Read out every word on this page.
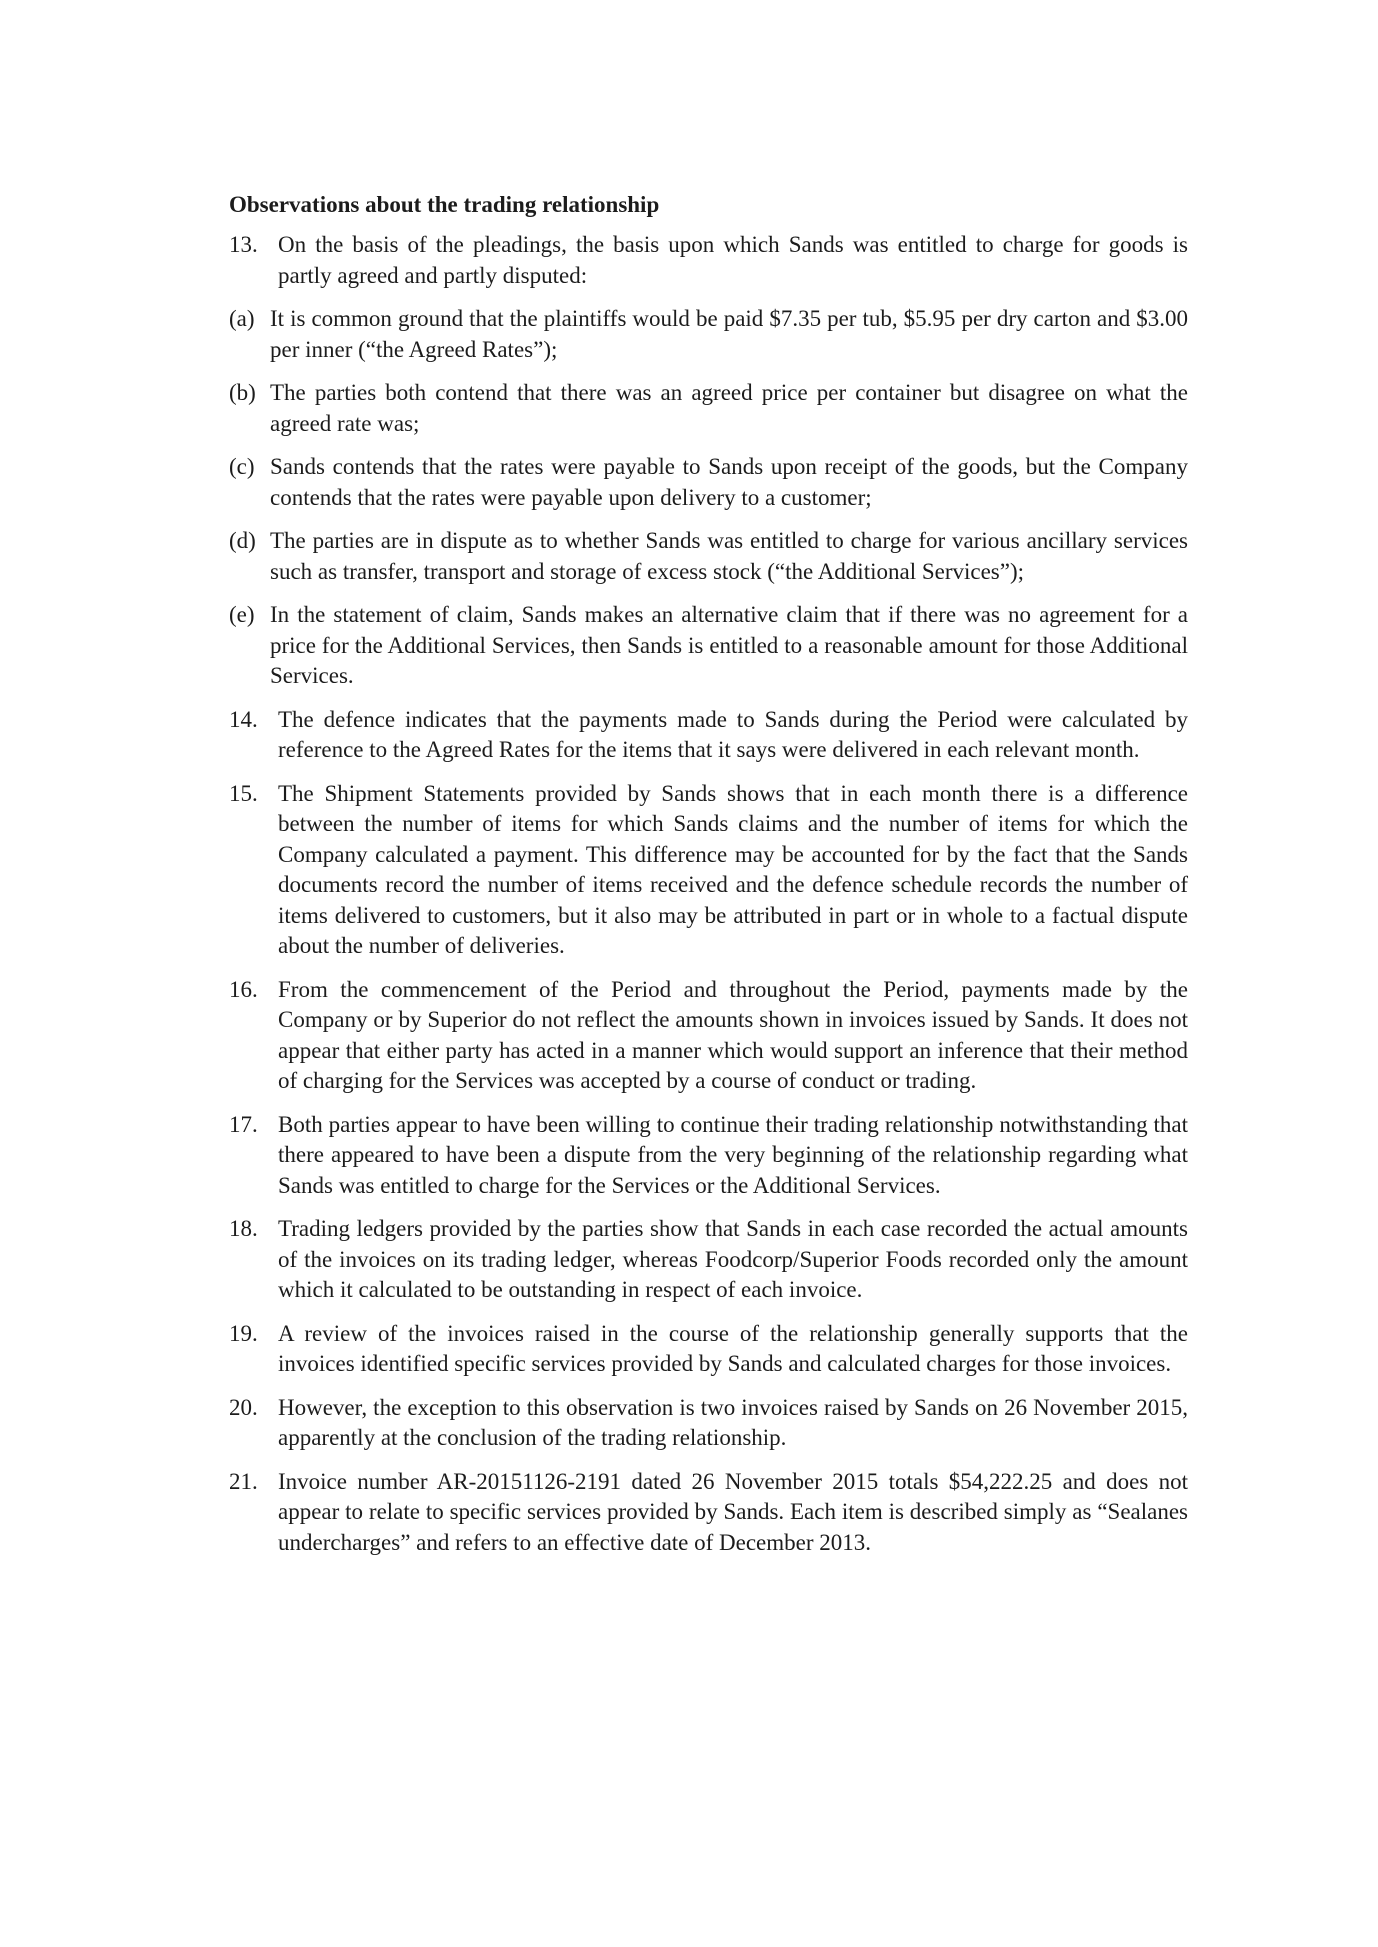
Observations about the trading relationship
13. On the basis of the pleadings, the basis upon which Sands was entitled to charge for goods is partly agreed and partly disputed:
(a) It is common ground that the plaintiffs would be paid $7.35 per tub, $5.95 per dry carton and $3.00 per inner (“the Agreed Rates”);
(b) The parties both contend that there was an agreed price per container but disagree on what the agreed rate was;
(c) Sands contends that the rates were payable to Sands upon receipt of the goods, but the Company contends that the rates were payable upon delivery to a customer;
(d) The parties are in dispute as to whether Sands was entitled to charge for various ancillary services such as transfer, transport and storage of excess stock (“the Additional Services”);
(e) In the statement of claim, Sands makes an alternative claim that if there was no agreement for a price for the Additional Services, then Sands is entitled to a reasonable amount for those Additional Services.
14. The defence indicates that the payments made to Sands during the Period were calculated by reference to the Agreed Rates for the items that it says were delivered in each relevant month.
15. The Shipment Statements provided by Sands shows that in each month there is a difference between the number of items for which Sands claims and the number of items for which the Company calculated a payment. This difference may be accounted for by the fact that the Sands documents record the number of items received and the defence schedule records the number of items delivered to customers, but it also may be attributed in part or in whole to a factual dispute about the number of deliveries.
16. From the commencement of the Period and throughout the Period, payments made by the Company or by Superior do not reflect the amounts shown in invoices issued by Sands. It does not appear that either party has acted in a manner which would support an inference that their method of charging for the Services was accepted by a course of conduct or trading.
17. Both parties appear to have been willing to continue their trading relationship notwithstanding that there appeared to have been a dispute from the very beginning of the relationship regarding what Sands was entitled to charge for the Services or the Additional Services.
18. Trading ledgers provided by the parties show that Sands in each case recorded the actual amounts of the invoices on its trading ledger, whereas Foodcorp/Superior Foods recorded only the amount which it calculated to be outstanding in respect of each invoice.
19. A review of the invoices raised in the course of the relationship generally supports that the invoices identified specific services provided by Sands and calculated charges for those invoices.
20. However, the exception to this observation is two invoices raised by Sands on 26 November 2015, apparently at the conclusion of the trading relationship.
21. Invoice number AR-20151126-2191 dated 26 November 2015 totals $54,222.25 and does not appear to relate to specific services provided by Sands. Each item is described simply as “Sealanes undercharges” and refers to an effective date of December 2013.
